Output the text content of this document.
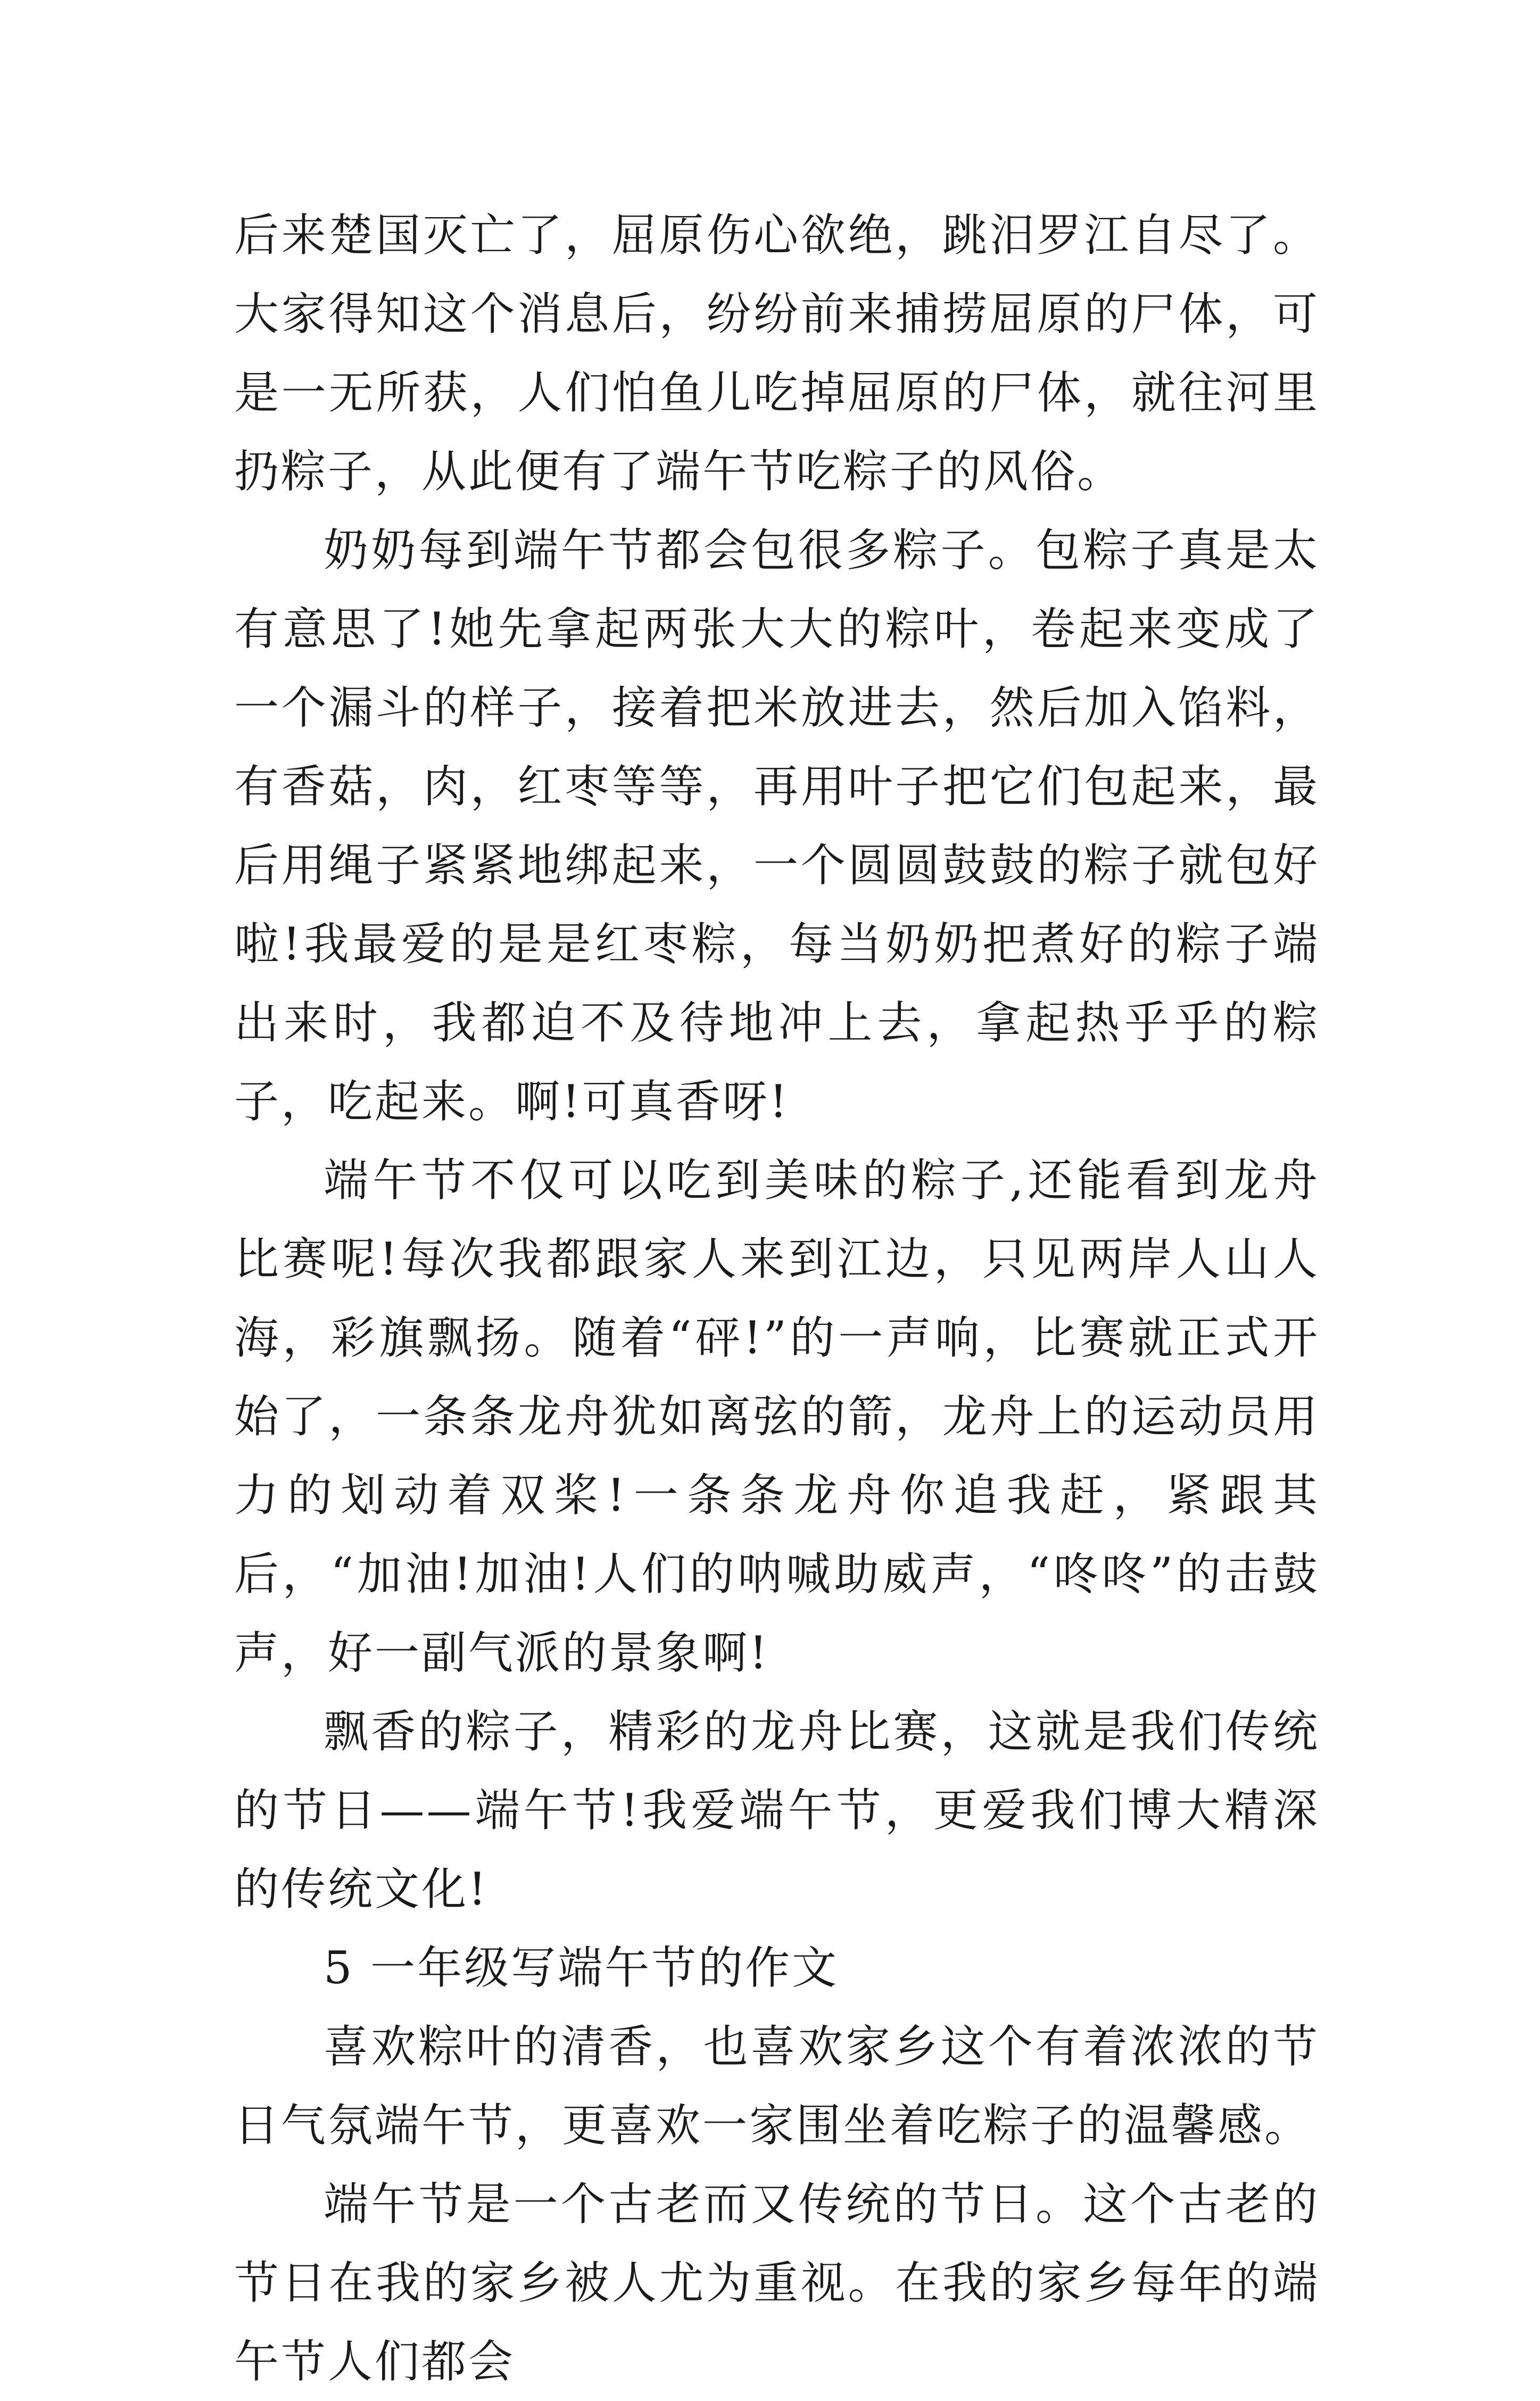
后来楚国灭亡了，屈原伤心欲绝，跳汨罗江自尽了。大家得知这个消息后，纷纷前来捕捞屈原的尸体，可是一无所获，人们怕鱼儿吃掉屈原的尸体，就往河里扔粽子，从此便有了端午节吃粽子的风俗。

奶奶每到端午节都会包很多粽子。包粽子真是太有意思了!她先拿起两张大大的粽叶，卷起来变成了一个漏斗的样子，接着把米放进去，然后加入馅料，有香菇，肉，红枣等等，再用叶子把它们包起来，最后用绳子紧紧地绑起来，一个圆圆鼓鼓的粽子就包好啦!我最爱的是是红枣粽，每当奶奶把煮好的粽子端出来时，我都迫不及待地冲上去，拿起热乎乎的粽子，吃起来。啊!可真香呀!

端午节不仅可以吃到美味的粽子,还能看到龙舟比赛呢!每次我都跟家人来到江边，只见两岸人山人海，彩旗飘扬。随着“砰!”的一声响，比赛就正式开始了，一条条龙舟犹如离弦的箭，龙舟上的运动员用力的划动着双桨!一条条龙舟你追我赶，紧跟其后，“加油!加油!人们的呐喊助威声，“咚咚”的击鼓声，好一副气派的景象啊!

飘香的粽子，精彩的龙舟比赛，这就是我们传统的节日——端午节!我爱端午节，更爱我们博大精深的传统文化!

5 一年级写端午节的作文

喜欢粽叶的清香，也喜欢家乡这个有着浓浓的节日气氛端午节，更喜欢一家围坐着吃粽子的温馨感。

端午节是一个古老而又传统的节日。这个古老的节日在我的家乡被人尤为重视。在我的家乡每年的端午节人们都会
